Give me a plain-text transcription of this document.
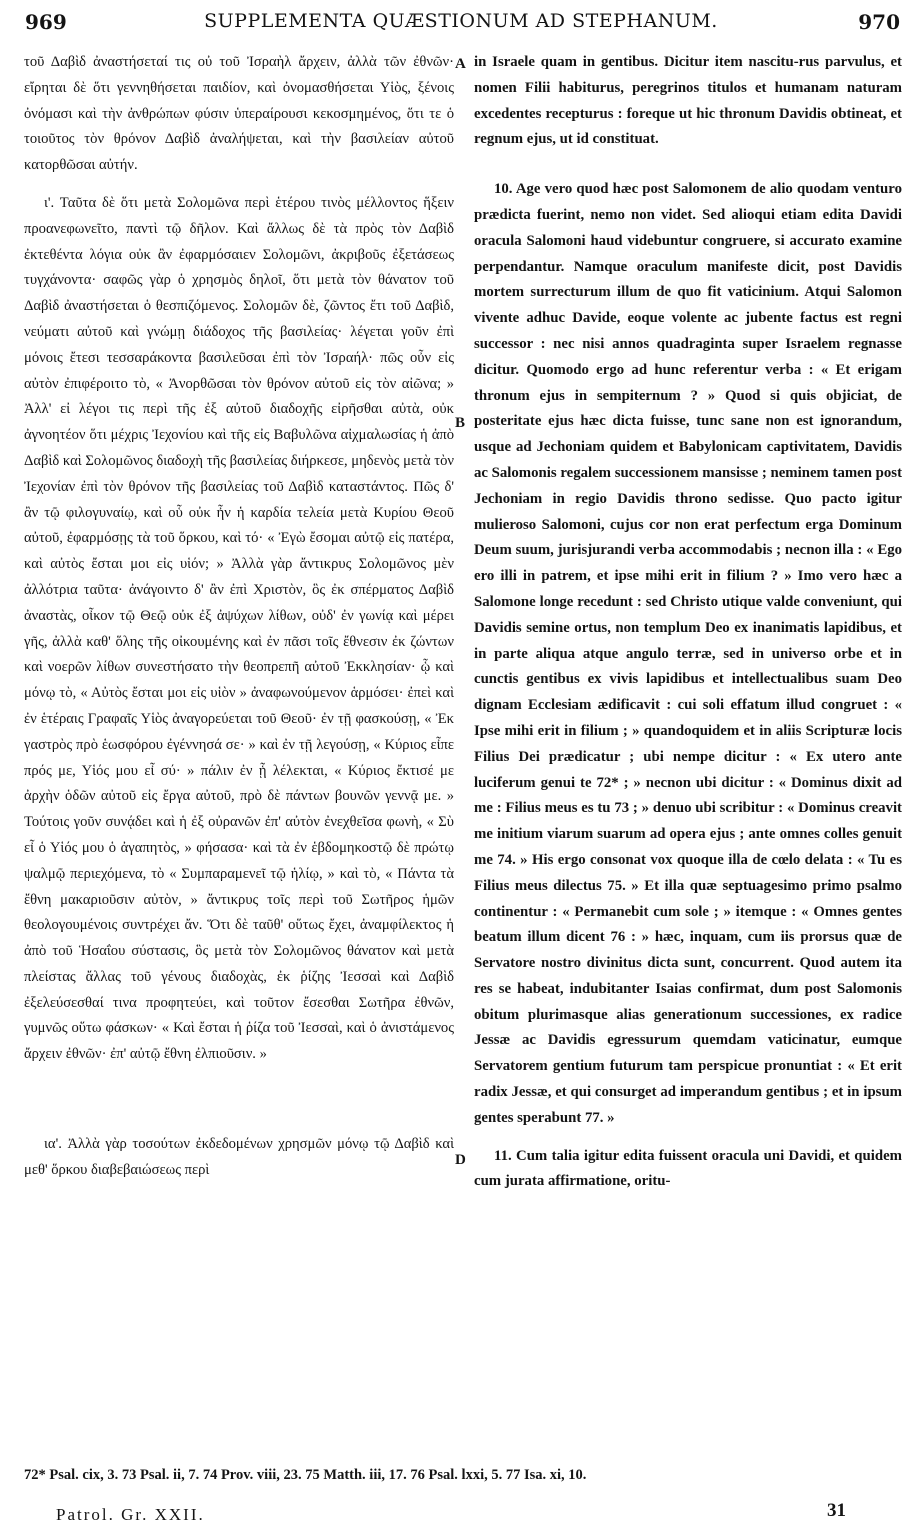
969	SUPPLEMENTA QUÆSTIONUM AD STEPHANUM.	970

τοῦ Δαβὶδ ἀναστήσεταί τις οὐ τοῦ Ἰσραὴλ ἄρχειν, ἀλλὰ τῶν ἐθνῶν· εἴρηται δὲ ὅτι γεννηθήσεται παιδίον, καὶ ὀνομασθήσεται Υἱὸς, ξένοις ὀνόμασι καὶ τὴν ἀνθρώπων φύσιν ὑπεραίρουσι κεκοσμημένος, ὅτι τε ὁ τοιοῦτος τὸν θρόνον Δαβὶδ ἀναλήψεται, καὶ τὴν βασιλείαν αὐτοῦ κατορθῶσαι αὐτήν.

ι'. Ταῦτα δὲ ὅτι μετὰ Σολομῶνα περὶ ἑτέρου τινὸς μέλλοντος ἥξειν προανεφωνεῖτο, παντὶ τῷ δῆλον. Καὶ ἄλλως δὲ τὰ πρὸς τὸν Δαβὶδ ἐκτεθέντα λόγια οὐκ ἂν ἐφαρμόσαιεν Σολομῶνι, ἀκριβοῦς ἐξετάσεως τυγχάνοντα· σαφῶς γὰρ ὁ χρησμὸς δηλοῖ, ὅτι μετὰ τὸν θάνατον τοῦ Δαβὶδ ἀναστήσεται ὁ θεσπιζόμενος. Σολομῶν δὲ, ζῶντος ἔτι τοῦ Δαβὶδ, νεύματι αὐτοῦ καὶ γνώμῃ διάδοχος τῆς βασιλείας· λέγεται γοῦν ἐπὶ μόνοις ἔτεσι τεσσαράκοντα βασιλεῦσαι ἐπὶ τὸν Ἰσραήλ· πῶς οὖν εἰς αὐτὸν ἐπιφέροιτο τὸ, « Ἀνορθῶσαι τὸν θρόνον αὐτοῦ εἰς τὸν αἰῶνα; » Ἀλλ' εἰ λέγοι τις περὶ τῆς ἐξ αὐτοῦ διαδοχῆς εἰρῆσθαι αὐτὰ, οὐκ ἀγνοητέον ὅτι μέχρις Ἰεχονίου καὶ τῆς εἰς Βαβυλῶνα αἰχμαλωσίας ἡ ἀπὸ Δαβὶδ καὶ Σολομῶνος διαδοχὴ τῆς βασιλείας διήρκεσε, μηδενὸς μετὰ τὸν Ἰεχονίαν ἐπὶ τὸν θρόνον τῆς βασιλείας τοῦ Δαβὶδ καταστάντος. Πῶς δ' ἂν τῷ φιλογυναίῳ, καὶ οὗ οὐκ ἦν ἡ καρδία τελεία μετὰ Κυρίου Θεοῦ αὐτοῦ, ἐφαρμόσῃς τὰ τοῦ ὅρκου, καὶ τό· « Ἐγὼ ἔσομαι αὐτῷ εἰς πατέρα, καὶ αὐτὸς ἔσται μοι εἰς υἱόν; » Ἀλλὰ γὰρ ἄντικρυς Σολομῶνος μὲν ἀλλότρια ταῦτα· ἀνάγοιντο δ' ἂν ἐπὶ Χριστὸν, ὃς ἐκ σπέρματος Δαβὶδ ἀναστὰς, οἶκον τῷ Θεῷ οὐκ ἐξ ἀψύχων λίθων, οὐδ' ἐν γωνίᾳ καὶ μέρει γῆς, ἀλλὰ καθ' ὅλης τῆς οἰκουμένης καὶ ἐν πᾶσι τοῖς ἔθνεσιν ἐκ ζώντων καὶ νοερῶν λίθων συνεστήσατο τὴν θεοπρεπῆ αὐτοῦ Ἐκκλησίαν· ᾧ καὶ μόνῳ τὸ, « Αὐτὸς ἔσται μοι εἰς υἱὸν » ἀναφωνούμενον ἁρμόσει· ἐπεὶ καὶ ἐν ἑτέραις Γραφαῖς Υἱὸς ἀναγορεύεται τοῦ Θεοῦ· ἐν τῇ φασκούσῃ, « Ἐκ γαστρὸς πρὸ ἑωσφόρου ἐγέννησά σε· » καὶ ἐν τῇ λεγούσῃ, « Κύριος εἶπε πρός με, Υἱός μου εἶ σύ· » πάλιν ἐν ᾗ λέλεκται, « Κύριος ἔκτισέ με ἀρχὴν ὁδῶν αὐτοῦ εἰς ἔργα αὐτοῦ, πρὸ δὲ πάντων βουνῶν γεννᾷ με. » Τούτοις γοῦν συνᾴδει καὶ ἡ ἐξ οὐρανῶν ἐπ' αὐτὸν ἐνεχθεῖσα φωνὴ, « Σὺ εἶ ὁ Υἱός μου ὁ ἀγαπητὸς, » φήσασα· καὶ τὰ ἐν ἑβδομηκοστῷ δὲ πρώτῳ ψαλμῷ περιεχόμενα, τὸ « Συμπαραμενεῖ τῷ ἡλίῳ, » καὶ τὸ, « Πάντα τὰ ἔθνη μακαριοῦσιν αὐτὸν, » ἄντικρυς τοῖς περὶ τοῦ Σωτῆρος ἡμῶν θεολογουμένοις συντρέχει ἄν. Ὅτι δὲ ταῦθ' οὕτως ἔχει, ἀναμφίλεκτος ἡ ἀπὸ τοῦ Ἡσαΐου σύστασις, ὃς μετὰ τὸν Σολομῶνος θάνατον καὶ μετὰ πλείστας ἄλλας τοῦ γένους διαδοχὰς, ἐκ ῥίζης Ἰεσσαὶ καὶ Δαβὶδ ἐξελεύσεσθαί τινα προφητεύει, καὶ τοῦτον ἔσεσθαι Σωτῆρα ἐθνῶν, γυμνῶς οὕτω φάσκων· « Καὶ ἔσται ἡ ῥίζα τοῦ Ἰεσσαὶ, καὶ ὁ ἀνιστάμενος ἄρχειν ἐθνῶν· ἐπ' αὐτῷ ἔθνη ἐλπιοῦσιν. »

ια'. Ἀλλὰ γὰρ τοσούτων ἐκδεδομένων χρησμῶν μόνῳ τῷ Δαβὶδ καὶ μεθ' ὅρκου διαβεβαιώσεως περὶ

A
B
D

in Israele quam in gentibus. Dicitur item nascitu-rus parvulus, et nomen Filii habiturus, peregrinos titulos et humanam naturam excedentes recepturus : foreque ut hic thronum Davidis obtineat, et regnum ejus, ut id constituat.

10. Age vero quod hæc post Salomonem de alio quodam venturo prædicta fuerint, nemo non videt. Sed alioqui etiam edita Davidi oracula Salomoni haud videbuntur congruere, si accurato examine perpendantur. Namque oraculum manifeste dicit, post Davidis mortem surrecturum illum de quo fit vaticinium. Atqui Salomon vivente adhuc Davide, eoque volente ac jubente factus est regni successor : nec nisi annos quadraginta super Israelem regnasse dicitur. Quomodo ergo ad hunc referentur verba : « Et erigam thronum ejus in sempiternum ? » Quod si quis objiciat, de posteritate ejus hæc dicta fuisse, tunc sane non est ignorandum, usque ad Jechoniam quidem et Babylonicam captivitatem, Davidis ac Salomonis regalem successionem mansisse ; neminem tamen post Jechoniam in regio Davidis throno sedisse. Quo pacto igitur mulieroso Salomoni, cujus cor non erat perfectum erga Dominum Deum suum, jurisjurandi verba accommodabis ; necnon illa : « Ego ero illi in patrem, et ipse mihi erit in filium ? » Imo vero hæc a Salomone longe recedunt : sed Christo utique valde conveniunt, qui Davidis semine ortus, non templum Deo ex inanimatis lapidibus, et in parte aliqua atque angulo terræ, sed in universo orbe et in cunctis gentibus ex vivis lapidibus et intellectualibus suam Deo dignam Ecclesiam ædificavit : cui soli effatum illud congruet : « Ipse mihi erit in filium ; » quandoquidem et in aliis Scripturæ locis Filius Dei prædicatur ; ubi nempe dicitur : « Ex utero ante luciferum genui te 72* ; » necnon ubi dicitur : « Dominus dixit ad me : Filius meus es tu 73 ; » denuo ubi scribitur : « Dominus creavit me initium viarum suarum ad opera ejus ; ante omnes colles genuit me 74. » His ergo consonat vox quoque illa de cœlo delata : « Tu es Filius meus dilectus 75. » Et illa quæ septuagesimo primo psalmo continentur : « Permanebit cum sole ; » itemque : « Omnes gentes beatum illum dicent 76 : » hæc, inquam, cum iis prorsus quæ de Servatore nostro divinitus dicta sunt, concurrent. Quod autem ita res se habeat, indubitanter Isaias confirmat, dum post Salomonis obitum plurimasque alias generationum successiones, ex radice Jessæ ac Davidis egressurum quemdam vaticinatur, eumque Servatorem gentium futurum tam perspicue pronuntiat : « Et erit radix Jessæ, et qui consurget ad imperandum gentibus ; et in ipsum gentes sperabunt 77. »

11. Cum talia igitur edita fuissent oracula uni Davidi, et quidem cum jurata affirmatione, oritu-

72* Psal. cix, 3. 73 Psal. ii, 7. 74 Prov. viii, 23. 75 Matth. iii, 17. 76 Psal. lxxi, 5. 77 Isa. xi, 10.
Patrol. Gr. XXII.	31
